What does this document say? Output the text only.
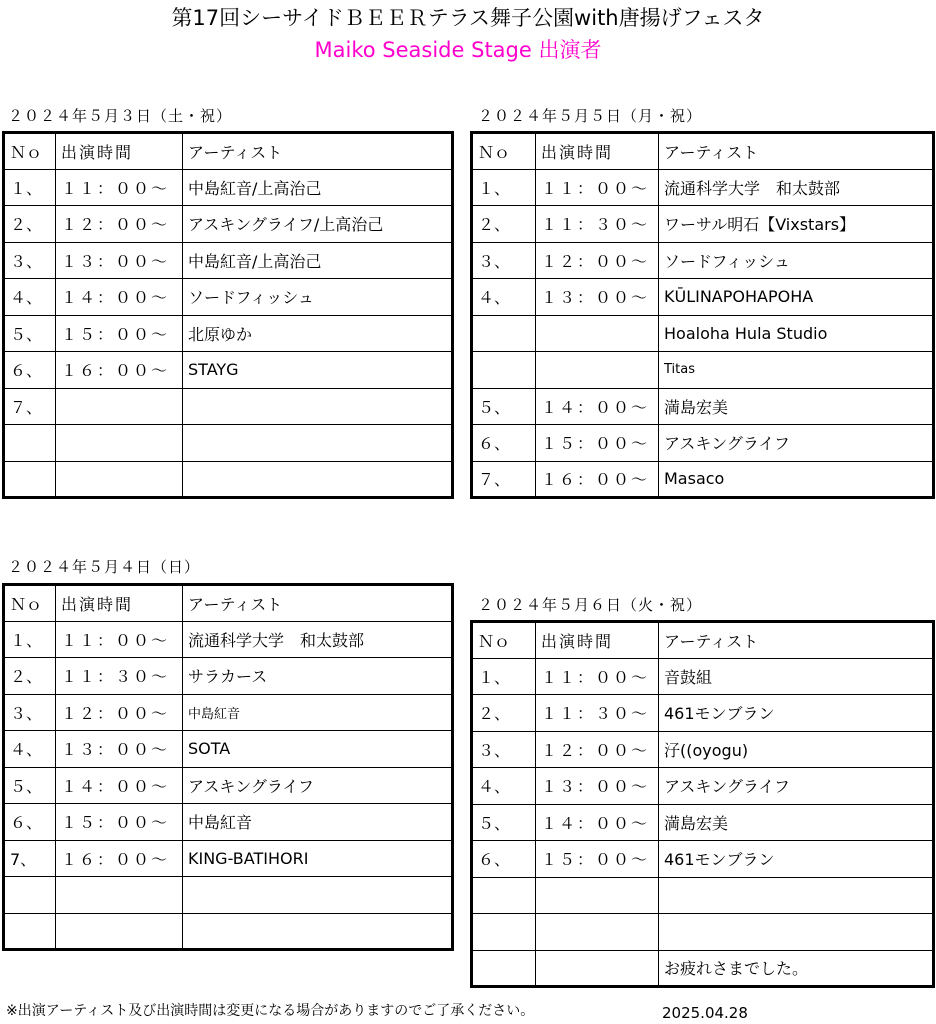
第17回シーサイドＢＥＥＲテラス舞子公園with唐揚げフェスタ
Maiko Seaside Stage 出演者
２０２４年５月３日（土・祝）
Ｎｏ	出演時間	アーティスト
１、	１１：００～	中島紅音/上高治己
２、	１２：００～	アスキングライフ/上高治己
３、	１３：００～	中島紅音/上高治己
４、	１４：００～	ソードフィッシュ
５、	１５：００～	北原ゆか
６、	１６：００～	STAYG
７、		

２０２４年５月５日（月・祝）
Ｎｏ	出演時間	アーティスト
１、	１１：００～	流通科学大学　和太鼓部
２、	１１：３０～	ワーサル明石【Vixstars】
３、	１２：００～	ソードフィッシュ
４、	１３：００～	KŪLINAPOHAPOHA
		Hoaloha Hula Studio
		Titas
５、	１４：００～	満島宏美
６、	１５：００～	アスキングライフ
７、	１６：００～	Masaco
２０２４年５月４日（日）
Ｎｏ	出演時間	アーティスト
１、	１１：００～	流通科学大学　和太鼓部
２、	１１：３０～	サラカース
３、	１２：００～	中島紅音
４、	１３：００～	SOTA
５、	１４：００～	アスキングライフ
６、	１５：００～	中島紅音
7、	１６：００～	KING-BATIHORI

２０２４年５月６日（火・祝）
Ｎｏ	出演時間	アーティスト
１、	１１：００～	音鼓組
２、	１１：３０～	461モンブラン
３、	１２：００～	汓((oyogu)
４、	１３：００～	アスキングライフ
５、	１４：００～	満島宏美
６、	１５：００～	461モンブラン

		お疲れさまでした。
※出演アーティスト及び出演時間は変更になる場合がありますのでご了承ください。	2025.04.28
